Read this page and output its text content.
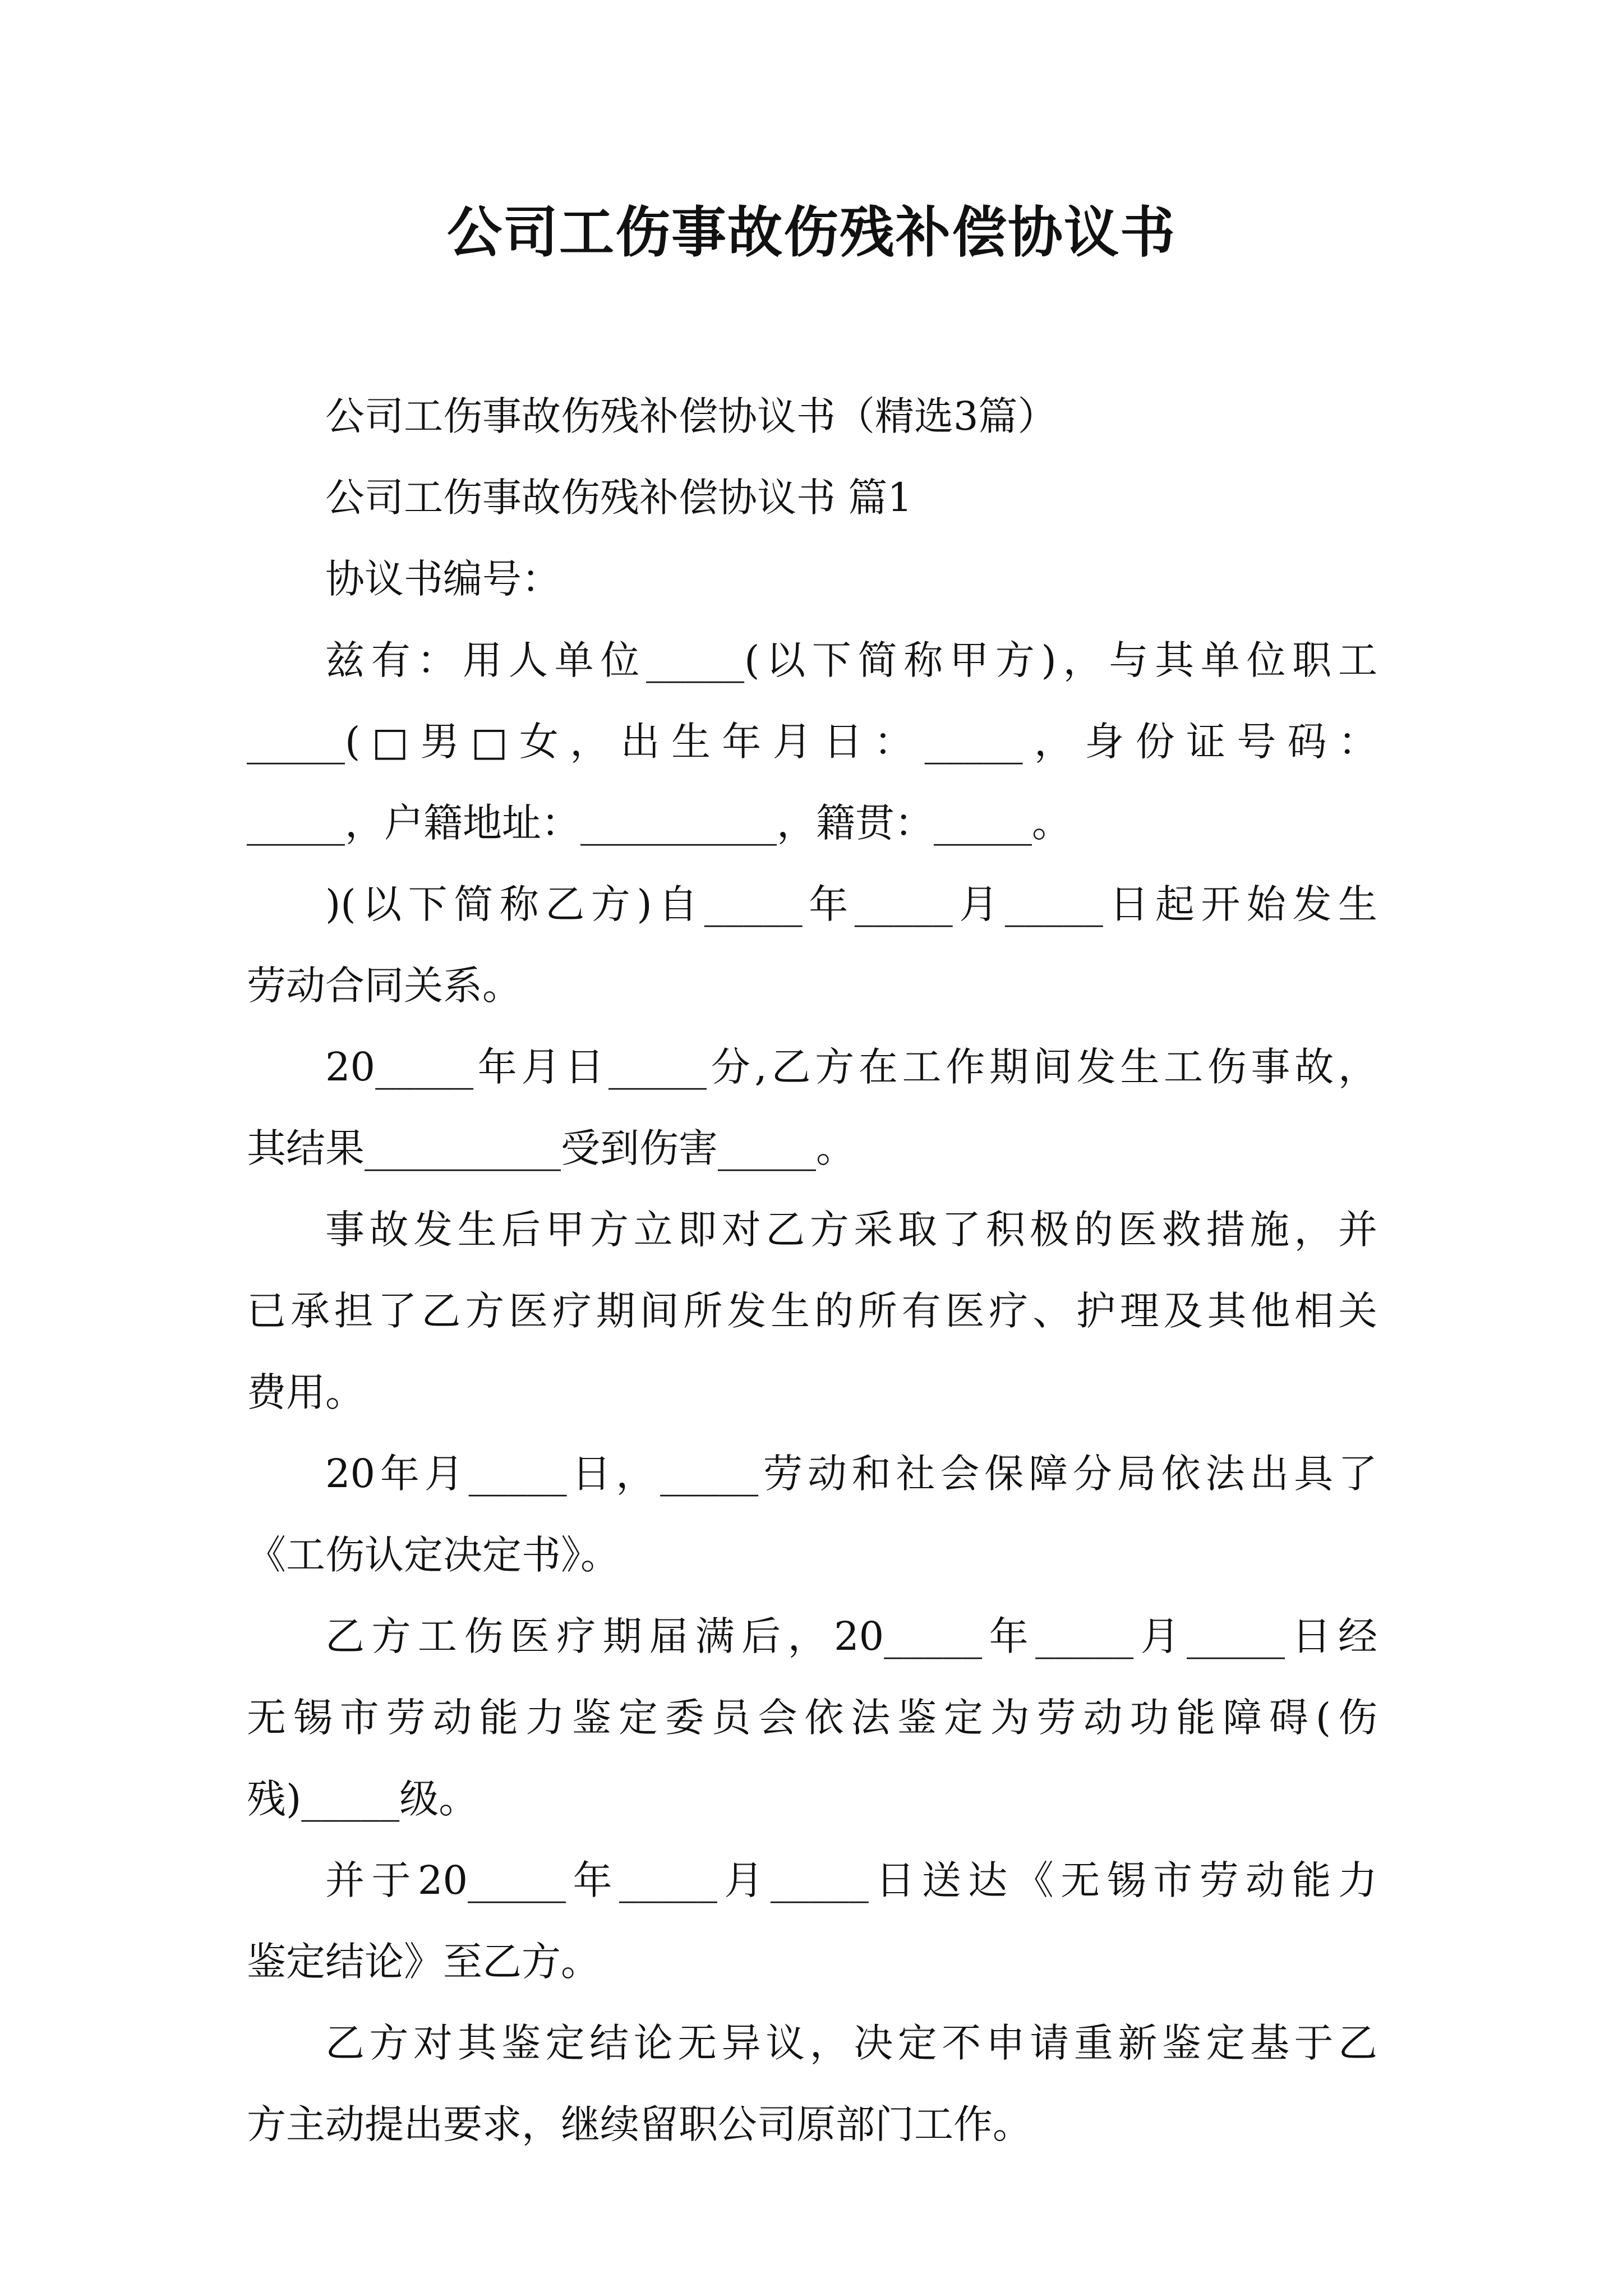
公司工伤事故伤残补偿协议书
公司工伤事故伤残补偿协议书（精选3篇）
公司工伤事故伤残补偿协议书 篇1
协议书编号：
兹有：用人单位_____(以下简称甲方)，与其单位职工
_____(□男□女，出生年月日：_____，身份证号码：
_____，户籍地址：__________，籍贯：_____。
)(以下简称乙方)自_____年_____月_____日起开始发生
劳动合同关系。
20_____年月日_____分,乙方在工作期间发生工伤事故，
其结果__________受到伤害_____。
事故发生后甲方立即对乙方采取了积极的医救措施，并
已承担了乙方医疗期间所发生的所有医疗、护理及其他相关
费用。
20年月_____日，_____劳动和社会保障分局依法出具了
《工伤认定决定书》。
乙方工伤医疗期届满后，20_____年_____月_____日经
无锡市劳动能力鉴定委员会依法鉴定为劳动功能障碍(伤
残)_____级。
并于20_____年_____月_____日送达《无锡市劳动能力
鉴定结论》至乙方。
乙方对其鉴定结论无异议，决定不申请重新鉴定基于乙
方主动提出要求，继续留职公司原部门工作。
